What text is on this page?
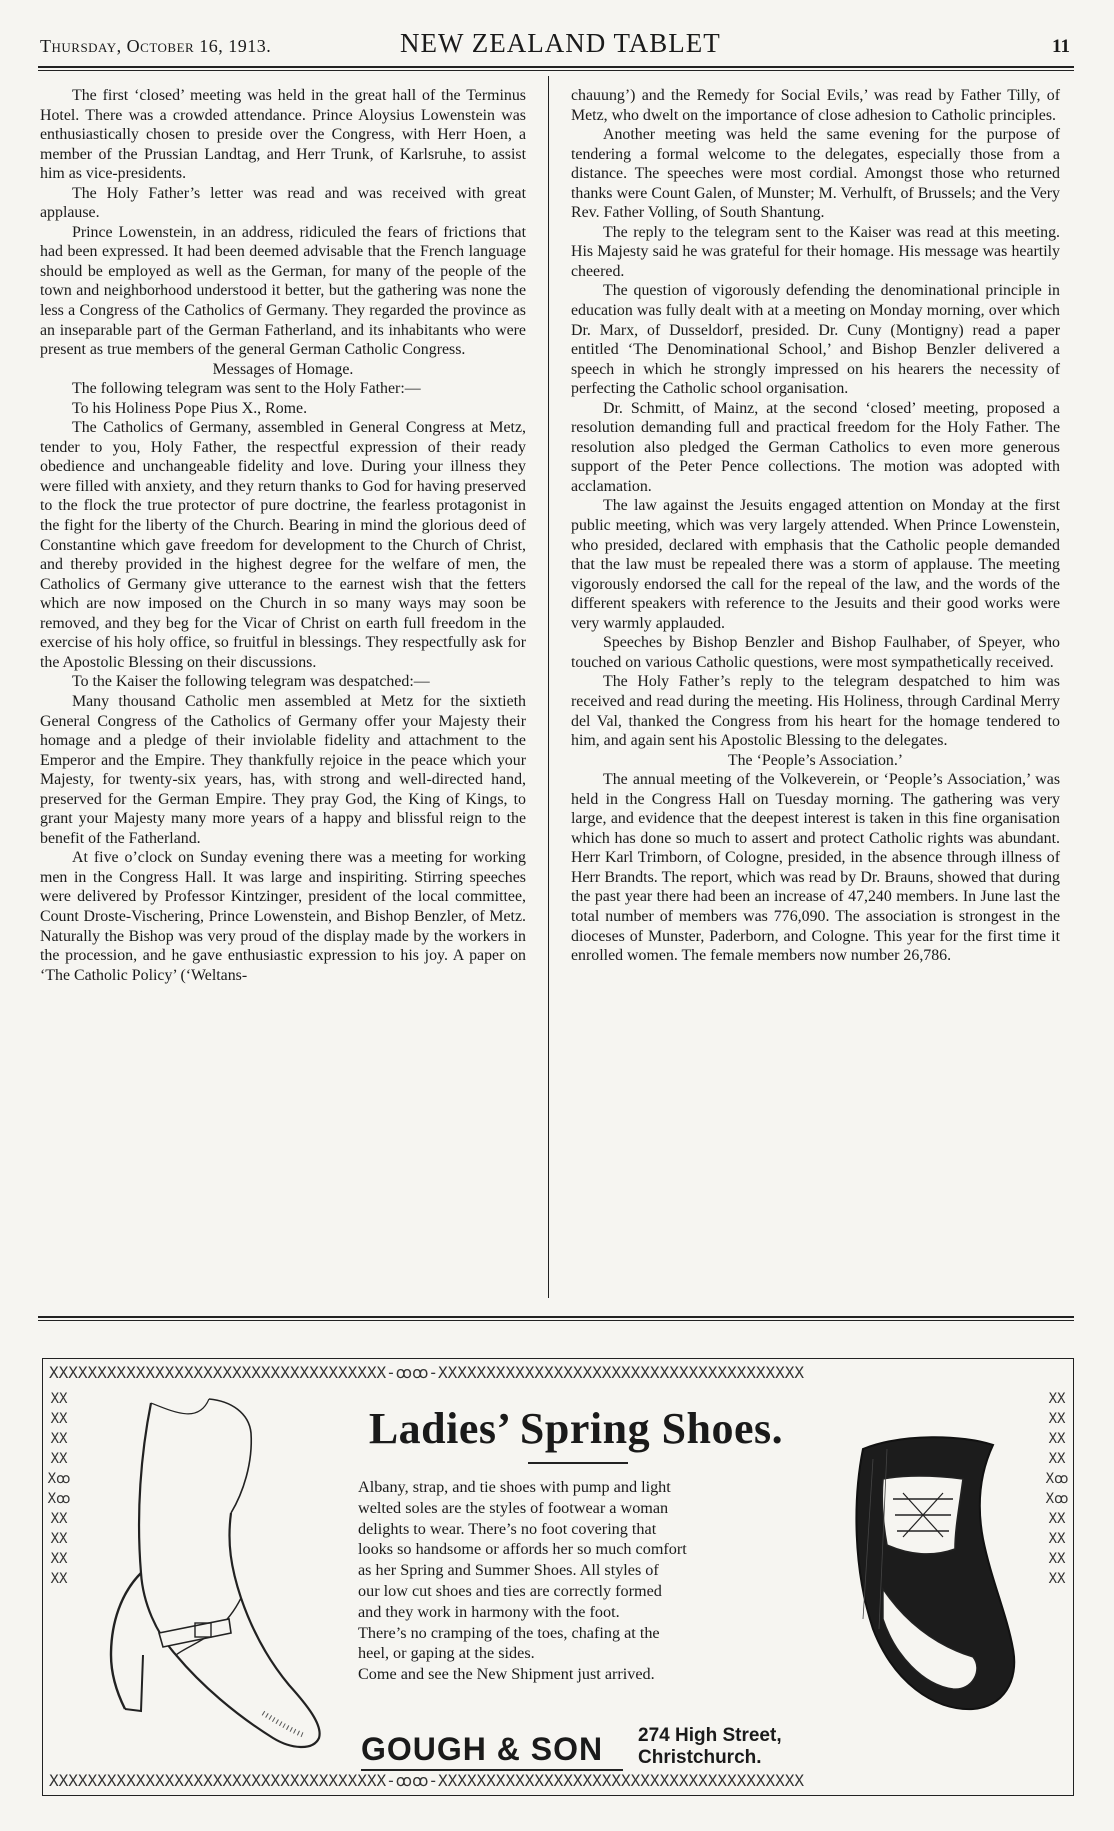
Thursday, October 16, 1913.	NEW ZEALAND TABLET	11

The first ‘closed’ meeting was held in the great hall of the Terminus Hotel. There was a crowded attendance. Prince Aloysius Lowenstein was enthusiastically chosen to preside over the Congress, with Herr Hoen, a member of the Prussian Landtag, and Herr Trunk, of Karlsruhe, to assist him as vice-presidents.

The Holy Father’s letter was read and was received with great applause.

Prince Lowenstein, in an address, ridiculed the fears of frictions that had been expressed. It had been deemed advisable that the French language should be employed as well as the German, for many of the people of the town and neighborhood understood it better, but the gathering was none the less a Congress of the Catholics of Germany. They regarded the province as an inseparable part of the German Fatherland, and its inhabitants who were present as true members of the general German Catholic Congress.

Messages of Homage.

The following telegram was sent to the Holy Father:—

To his Holiness Pope Pius X., Rome.

The Catholics of Germany, assembled in General Congress at Metz, tender to you, Holy Father, the respectful expression of their ready obedience and unchangeable fidelity and love. During your illness they were filled with anxiety, and they return thanks to God for having preserved to the flock the true protector of pure doctrine, the fearless protagonist in the fight for the liberty of the Church. Bearing in mind the glorious deed of Constantine which gave freedom for development to the Church of Christ, and thereby provided in the highest degree for the welfare of men, the Catholics of Germany give utterance to the earnest wish that the fetters which are now imposed on the Church in so many ways may soon be removed, and they beg for the Vicar of Christ on earth full freedom in the exercise of his holy office, so fruitful in blessings. They respectfully ask for the Apostolic Blessing on their discussions.

To the Kaiser the following telegram was despatched:—

Many thousand Catholic men assembled at Metz for the sixtieth General Congress of the Catholics of Germany offer your Majesty their homage and a pledge of their inviolable fidelity and attachment to the Emperor and the Empire. They thankfully rejoice in the peace which your Majesty, for twenty-six years, has, with strong and well-directed hand, preserved for the German Empire. They pray God, the King of Kings, to grant your Majesty many more years of a happy and blissful reign to the benefit of the Fatherland.

At five o’clock on Sunday evening there was a meeting for working men in the Congress Hall. It was large and inspiriting. Stirring speeches were delivered by Professor Kintzinger, president of the local committee, Count Droste-Vischering, Prince Lowenstein, and Bishop Benzler, of Metz. Naturally the Bishop was very proud of the display made by the workers in the procession, and he gave enthusiastic expression to his joy. A paper on ‘The Catholic Policy’ (‘Weltans-

chauung’) and the Remedy for Social Evils,’ was read by Father Tilly, of Metz, who dwelt on the importance of close adhesion to Catholic principles.

Another meeting was held the same evening for the purpose of tendering a formal welcome to the delegates, especially those from a distance. The speeches were most cordial. Amongst those who returned thanks were Count Galen, of Munster; M. Verhulft, of Brussels; and the Very Rev. Father Volling, of South Shantung.

The reply to the telegram sent to the Kaiser was read at this meeting. His Majesty said he was grateful for their homage. His message was heartily cheered.

The question of vigorously defending the denominational principle in education was fully dealt with at a meeting on Monday morning, over which Dr. Marx, of Dusseldorf, presided. Dr. Cuny (Montigny) read a paper entitled ‘The Denominational School,’ and Bishop Benzler delivered a speech in which he strongly impressed on his hearers the necessity of perfecting the Catholic school organisation.

Dr. Schmitt, of Mainz, at the second ‘closed’ meeting, proposed a resolution demanding full and practical freedom for the Holy Father. The resolution also pledged the German Catholics to even more generous support of the Peter Pence collections. The motion was adopted with acclamation.

The law against the Jesuits engaged attention on Monday at the first public meeting, which was very largely attended. When Prince Lowenstein, who presided, declared with emphasis that the Catholic people demanded that the law must be repealed there was a storm of applause. The meeting vigorously endorsed the call for the repeal of the law, and the words of the different speakers with reference to the Jesuits and their good works were very warmly applauded.

Speeches by Bishop Benzler and Bishop Faulhaber, of Speyer, who touched on various Catholic questions, were most sympathetically received.

The Holy Father’s reply to the telegram despatched to him was received and read during the meeting. His Holiness, through Cardinal Merry del Val, thanked the Congress from his heart for the homage tendered to him, and again sent his Apostolic Blessing to the delegates.

The ‘People’s Association.’

The annual meeting of the Volkeverein, or ‘People’s Association,’ was held in the Congress Hall on Tuesday morning. The gathering was very large, and evidence that the deepest interest is taken in this fine organisation which has done so much to assert and protect Catholic rights was abundant. Herr Karl Trimborn, of Cologne, presided, in the absence through illness of Herr Brandts. The report, which was read by Dr. Brauns, showed that during the past year there had been an increase of 47,240 members. In June last the total number of members was 776,090. The association is strongest in the dioceses of Munster, Paderborn, and Cologne. This year for the first time it enrolled women. The female members now number 26,786.

XXXXXXXXXXXXXXXXXXXXXXXXXXXXXXXXXXX-ꝏꝏ-XXXXXXXXXXXXXXXXXXXXXXXXXXXXXXXXXXXXXX
XXXXXXXXXXXXXXXXXXXXXXXXXXXXXXXXXXX-ꝏꝏ-XXXXXXXXXXXXXXXXXXXXXXXXXXXXXXXXXXXXXX
XXXXXXXXXꝏXꝏXXXXXXXX
XXXXXXXXXꝏXꝏXXXXXXXX
Ladies’ Spring Shoes.
Albany, strap, and tie shoes with pump and light
welted soles are the styles of footwear a woman
delights to wear. There’s no foot covering that
looks so handsome or affords her so much comfort
as her Spring and Summer Shoes. All styles of
our low cut shoes and ties are correctly formed
and they work in harmony with the foot.
There’s no cramping of the toes, chafing at the
heel, or gaping at the sides.
Come and see the New Shipment just arrived.
GOUGH & SON 274 High Street,
Christchurch.
